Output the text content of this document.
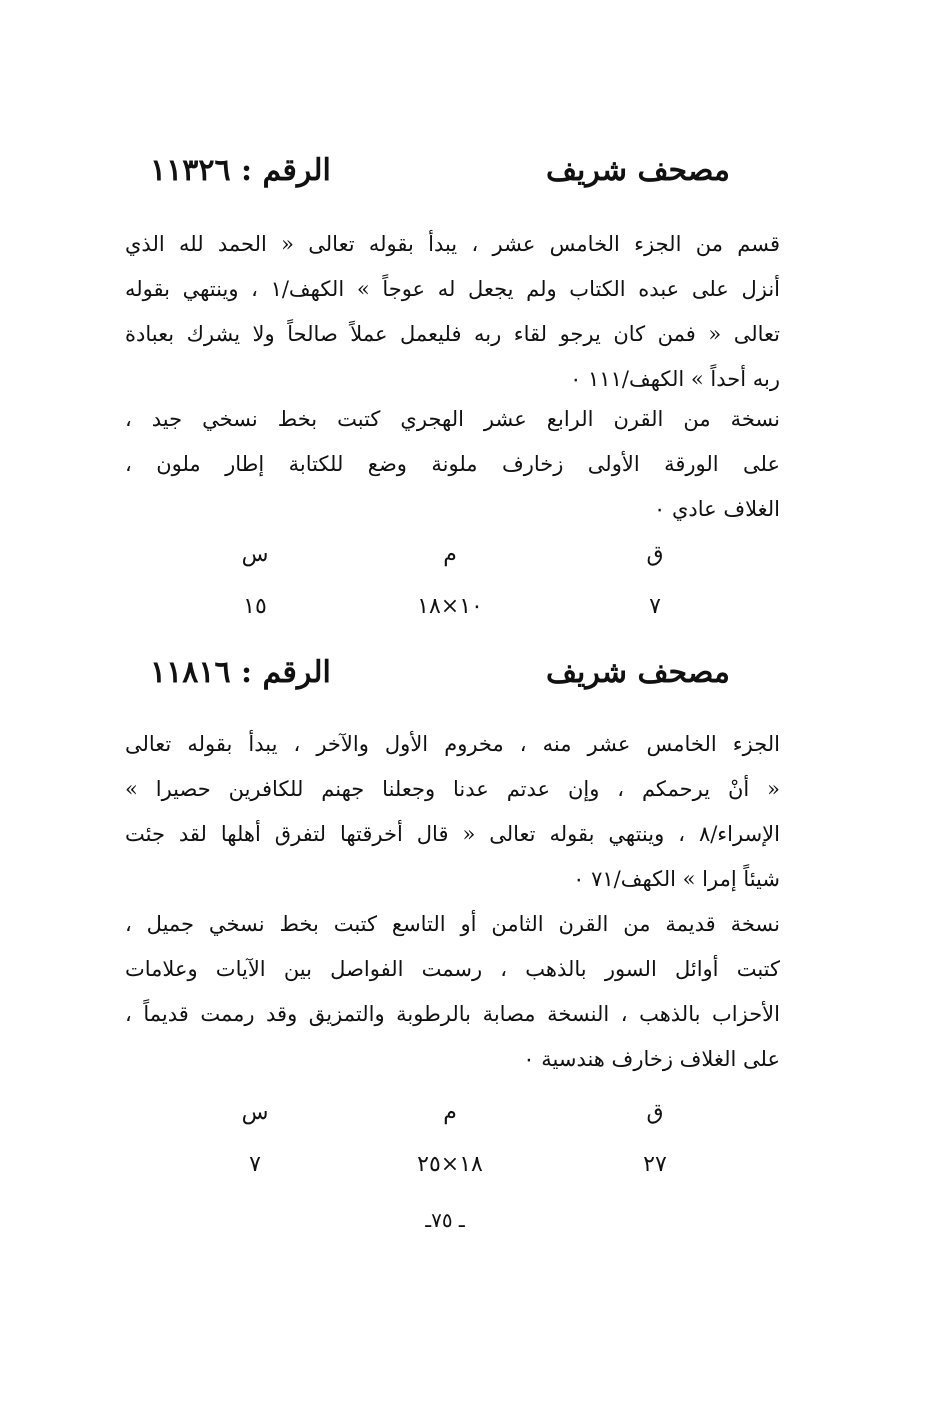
مصحف شريف
الرقم : ١١٣٢٦
قسم من الجزء الخامس عشر ، يبدأ بقوله تعالى « الحمد لله الذي
أنزل على عبده الكتاب ولم يجعل له عوجاً » الكهف/١ ، وينتهي بقوله
تعالى « فمن كان يرجو لقاء ربه فليعمل عملاً صالحاً ولا يشرك بعبادة
ربه أحداً » الكهف/١١١ ٠
نسخة من القرن الرابع عشر الهجري كتبت بخط نسخي جيد ،
على الورقة الأولى زخارف ملونة وضع للكتابة إطار ملون ،
الغلاف عادي ٠
ق
م
س
٧
١٠×١٨
١٥
مصحف شريف
الرقم : ١١٨١٦
الجزء الخامس عشر منه ، مخروم الأول والآخر ، يبدأ بقوله تعالى
« أنْ يرحمكم ، وإن عدتم عدنا وجعلنا جهنم للكافرين حصيرا »
الإسراء/٨ ، وينتهي بقوله تعالى « قال أخرقتها لتفرق أهلها لقد جئت
شيئاً إمرا » الكهف/٧١ ٠
نسخة قديمة من القرن الثامن أو التاسع كتبت بخط نسخي جميل ،
كتبت أوائل السور بالذهب ، رسمت الفواصل بين الآيات وعلامات
الأحزاب بالذهب ، النسخة مصابة بالرطوبة والتمزيق وقد رممت قديماً ،
على الغلاف زخارف هندسية ٠
ق
م
س
٢٧
١٨×٢٥
٧
ـ ٧٥ـ
